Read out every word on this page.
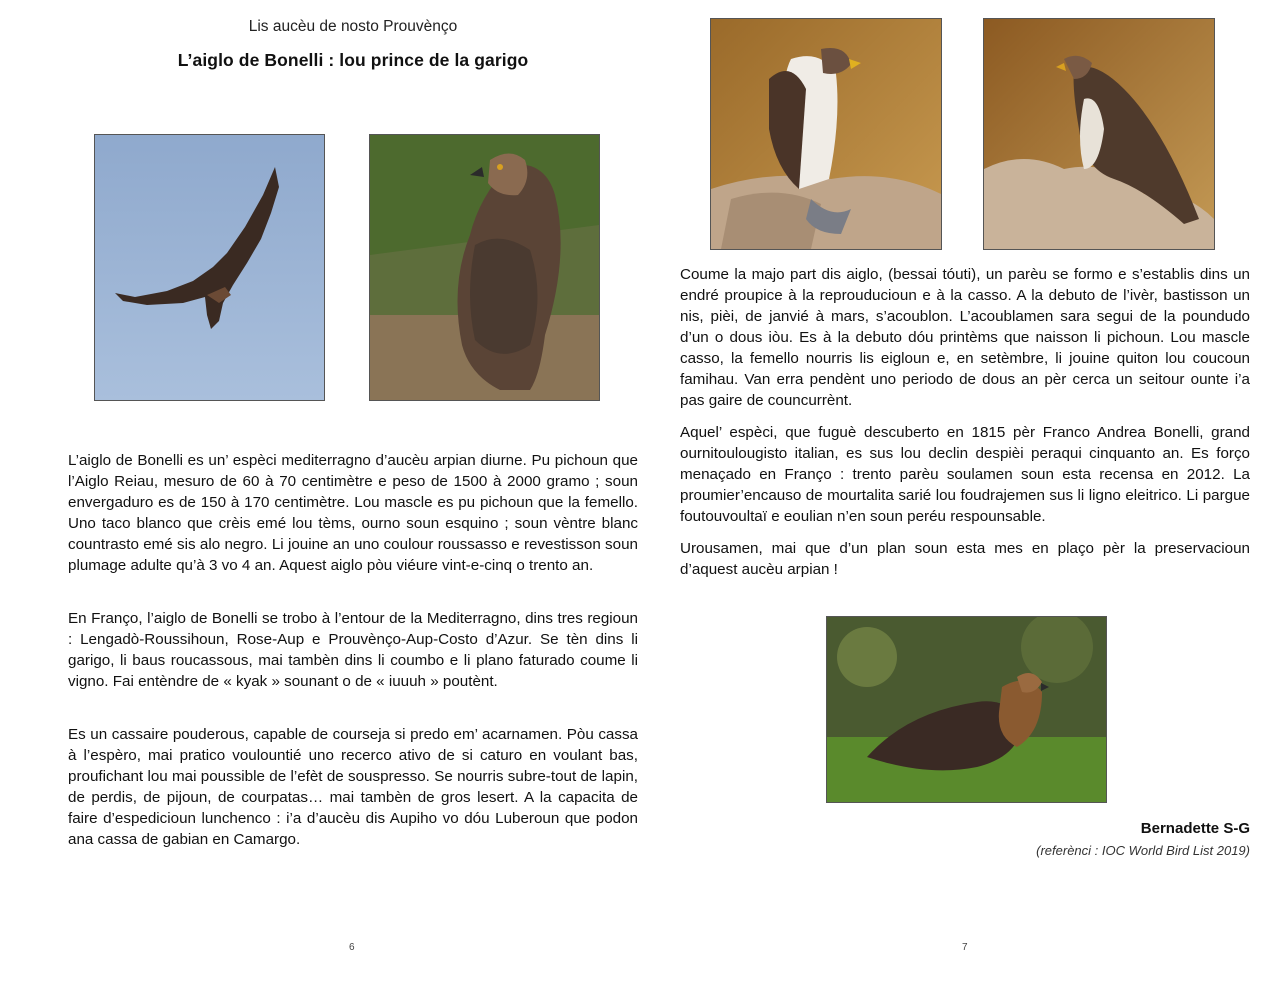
Lis aucèu de nosto Prouvènço
L’aiglo de Bonelli : lou prince de la garigo

L’aiglo de Bonelli es un’ espèci mediterragno d’aucèu arpian diurne. Pu pichoun que l’Aiglo Reiau, mesuro de 60 à 70 centimètre e peso de 1500 à 2000 gramo ; soun envergaduro es de 150 à 170 centimètre. Lou mascle es pu pichoun que la femello. Uno taco blanco que crèis emé lou tèms, ourno soun esquino ; soun vèntre blanc countrasto emé sis alo negro. Li jouine an uno coulour roussasso e revestisson soun plumage adulte qu’à 3 vo 4 an. Aquest aiglo pòu viéure vint-e-cinq o trento an.

En Franço, l’aiglo de Bonelli se trobo à l’entour de la Mediterragno, dins tres regioun : Lengadò-Roussihoun, Rose-Aup e Prouvènço-Aup-Costo d’Azur. Se tèn dins li garigo, li baus roucassous, mai tambèn dins li coumbo e li plano faturado coume li vigno. Fai entèndre de « kyak » sounant o de « iuuuh » poutènt.

Es un cassaire pouderous, capable de courseja si predo em’ acarnamen. Pòu cassa à l’espèro, mai pratico voulountié uno recerco ativo de si caturo en voulant bas, proufichant lou mai poussible de l’efèt de souspresso. Se nourris subre-tout de lapin, de perdis, de pijoun, de courpatas… mai tambèn de gros lesert. A la capacita de faire d’espedicioun lunchenco : i’a d’aucèu dis Aupiho vo dóu Luberoun que podon ana cassa de gabian en Camargo.

6

Coume la majo part dis aiglo, (bessai tóuti), un parèu se formo e s’establis dins un endré proupice à la reprouducioun e à la casso. A la debuto de l’ivèr, bastisson un nis, pièi, de janvié à mars, s’acoublon. L’acoublamen sara segui de la poundudo d’un o dous iòu. Es à la debuto dóu printèms que naisson li pichoun. Lou mascle casso, la femello nourris lis eigloun e, en setèmbre, li jouine quiton lou coucoun famihau. Van erra pendènt uno periodo de dous an pèr cerca un seitour ounte i’a pas gaire de councurrènt.

Aquel’ espèci, que fuguè descuberto en 1815 pèr Franco Andrea Bonelli, grand ournitoulougisto italian, es sus lou declin despièi peraqui cinquanto an. Es forço menaçado en Franço : trento parèu soulamen soun esta recensa en 2012. La proumier’encauso de mourtalita sarié lou foudrajemen sus li ligno eleitrico. Li pargue foutouvoultaï e eoulian n’en soun peréu respounsable.

Urousamen, mai que d’un plan soun esta mes en plaço pèr la preservacioun d’aquest aucèu arpian !

Bernadette S-G
(referènci : IOC World Bird List 2019)
7
